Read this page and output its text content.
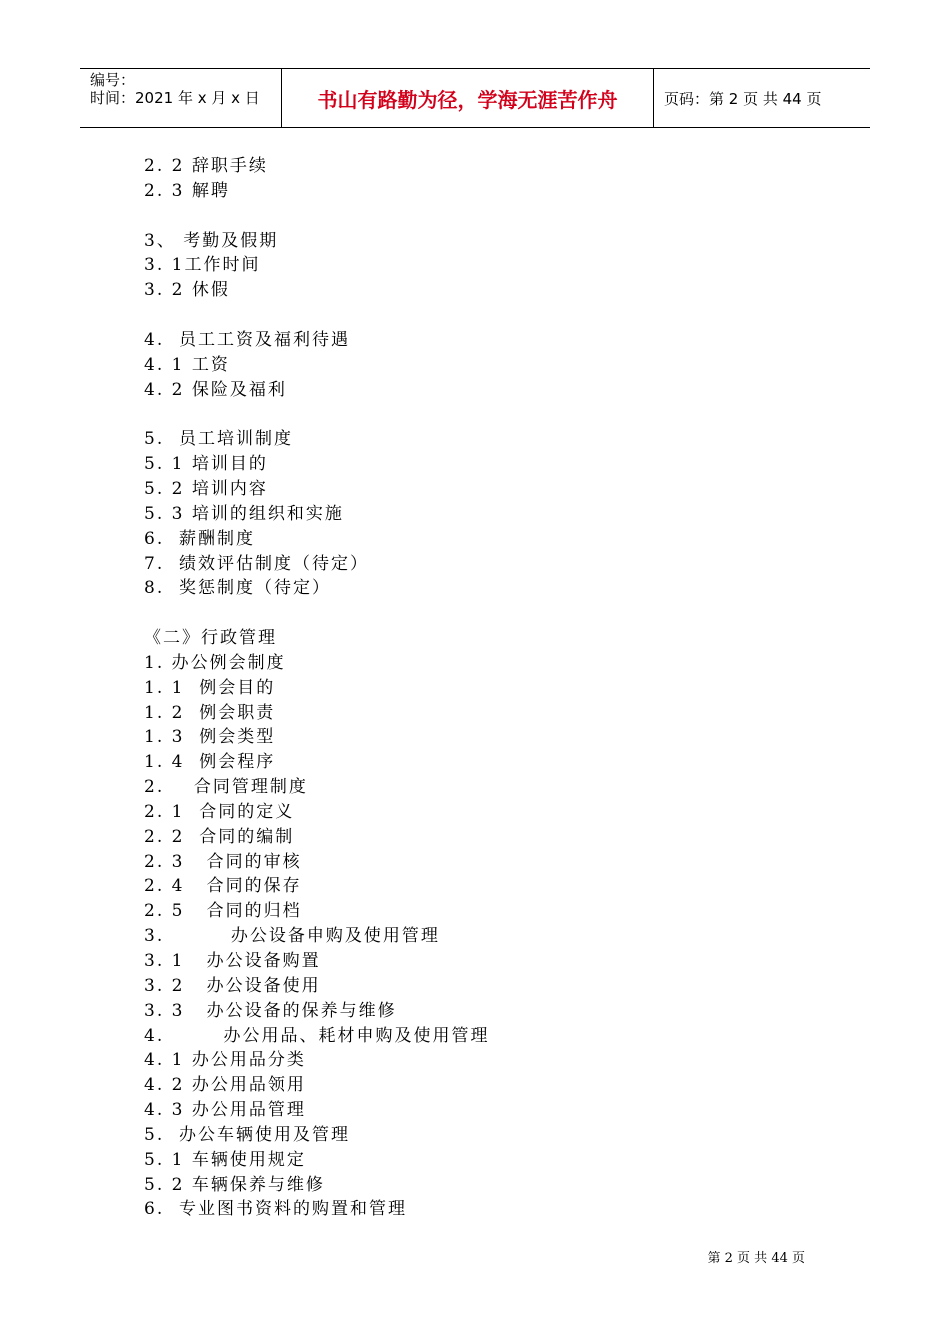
编号：
时间：2021 年 x 月 x 日	书山有路勤为径，学海无涯苦作舟	页码：第 2 页 共 44 页
2. 2 辞职手续
2. 3 解聘
3、 考勤及假期
3. 1工作时间
3. 2 休假
4.  员工工资及福利待遇
4. 1 工资
4. 2 保险及福利
5.  员工培训制度
5. 1 培训目的
5. 2 培训内容
5. 3 培训的组织和实施
6.  薪酬制度
7.  绩效评估制度（待定）
8.  奖惩制度（待定）
《二》行政管理
1. 办公例会制度
1. 1  例会目的
1. 2  例会职责
1. 3  例会类型
1. 4  例会程序
2.    合同管理制度
2. 1  合同的定义
2. 2  合同的编制
2. 3   合同的审核
2. 4   合同的保存
2. 5   合同的归档
3.         办公设备申购及使用管理
3. 1   办公设备购置
3. 2   办公设备使用
3. 3   办公设备的保养与维修
4.        办公用品、耗材申购及使用管理
4. 1 办公用品分类
4. 2 办公用品领用
4. 3 办公用品管理
5.  办公车辆使用及管理
5. 1 车辆使用规定
5. 2 车辆保养与维修
6.  专业图书资料的购置和管理
第 2 页 共 44 页
